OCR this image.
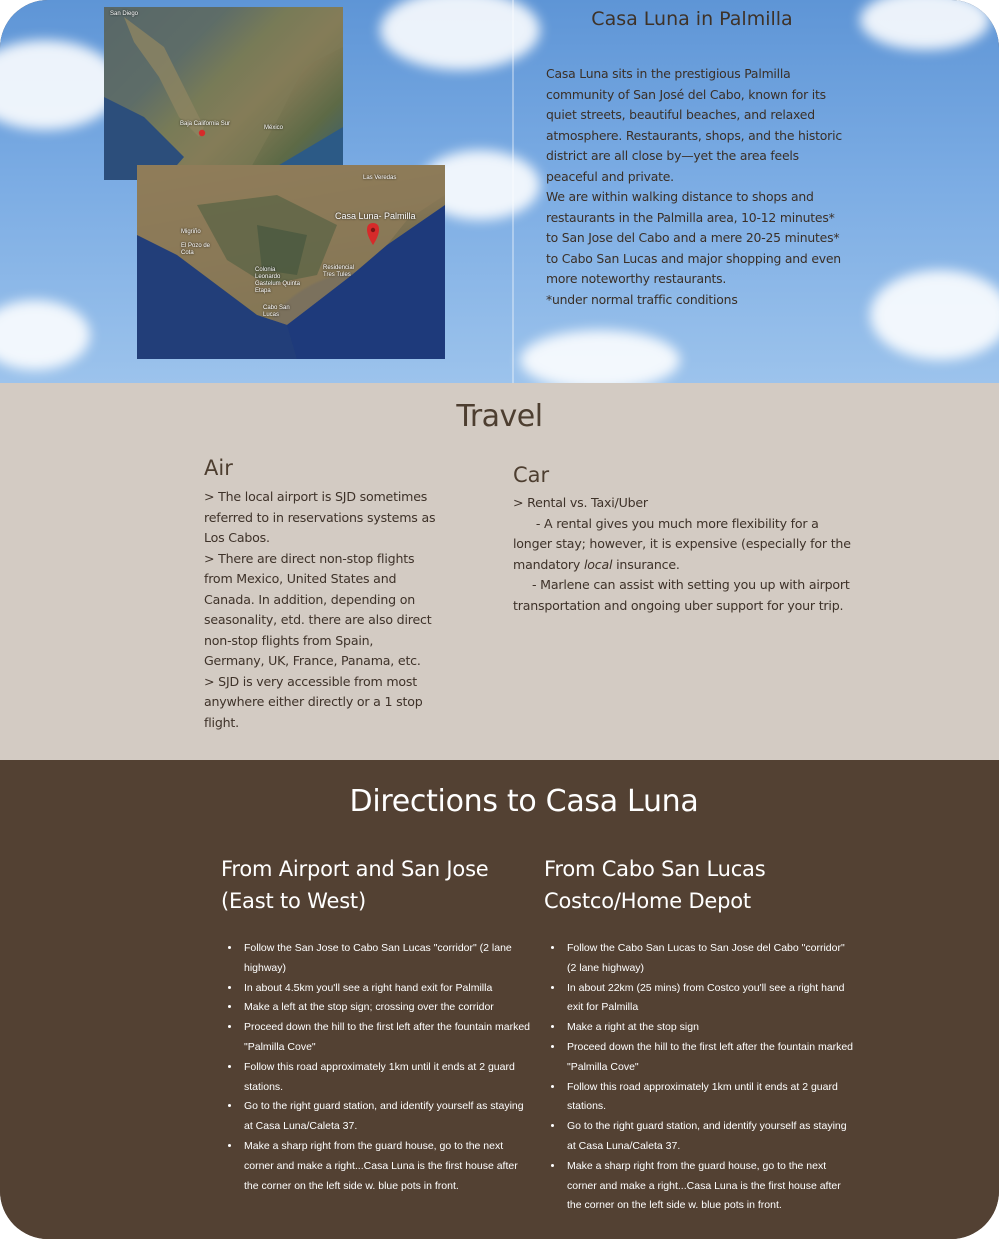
San Diego
México
Baja California Sur
Las Veredas
Casa Luna- Palmilla
Migriño
El Pozo de Cota
Colonia Leonardo Gastelum Quinta Etapa
Residencial Tres Tules
Cabo San Lucas
Casa Luna in Palmilla

Casa Luna sits in the prestigious Palmilla community of San José del Cabo, known for its quiet streets, beautiful beaches, and relaxed atmosphere. Restaurants, shops, and the historic district are all close by—yet the area feels peaceful and private.

We are within walking distance to shops and restaurants in the Palmilla area, 10-12 minutes* to San Jose del Cabo and a mere 20-25 minutes* to Cabo San Lucas and major shopping and even more noteworthy restaurants.

*under normal traffic conditions

Travel
Air

> The local airport is SJD sometimes referred to in reservations systems as Los Cabos.

> There are direct non-stop flights from Mexico, United States and Canada. In addition, depending on seasonality, etd. there are also direct non-stop flights from Spain, Germany, UK, France, Panama, etc.

> SJD is very accessible from most anywhere either directly or a 1 stop flight.

Car

> Rental vs. Taxi/Uber

- A rental gives you much more flexibility for a longer stay; however, it is expensive (especially for the mandatory local insurance.

- Marlene can assist with setting you up with airport transportation and ongoing uber support for your trip.

Directions to Casa Luna
From Airport and San Jose
(East to West)
• Follow the San Jose to Cabo San Lucas "corridor" (2 lane highway)
• In about 4.5km you'll see a right hand exit for Palmilla
• Make a left at the stop sign; crossing over the corridor
• Proceed down the hill to the first left after the fountain marked "Palmilla Cove"
• Follow this road approximately 1km until it ends at 2 guard stations.
• Go to the right guard station, and identify yourself as staying at Casa Luna/Caleta 37.
• Make a sharp right from the guard house, go to the next corner and make a right...Casa Luna is the first house after the corner on the left side w. blue pots in front.
From Cabo San Lucas
Costco/Home Depot
• Follow the Cabo San Lucas to San Jose del Cabo "corridor" (2 lane highway)
• In about 22km (25 mins) from Costco you'll see a right hand exit for Palmilla
• Make a right at the stop sign
• Proceed down the hill to the first left after the fountain marked "Palmilla Cove"
• Follow this road approximately 1km until it ends at 2 guard stations.
• Go to the right guard station, and identify yourself as staying at Casa Luna/Caleta 37.
• Make a sharp right from the guard house, go to the next corner and make a right...Casa Luna is the first house after the corner on the left side w. blue pots in front.
